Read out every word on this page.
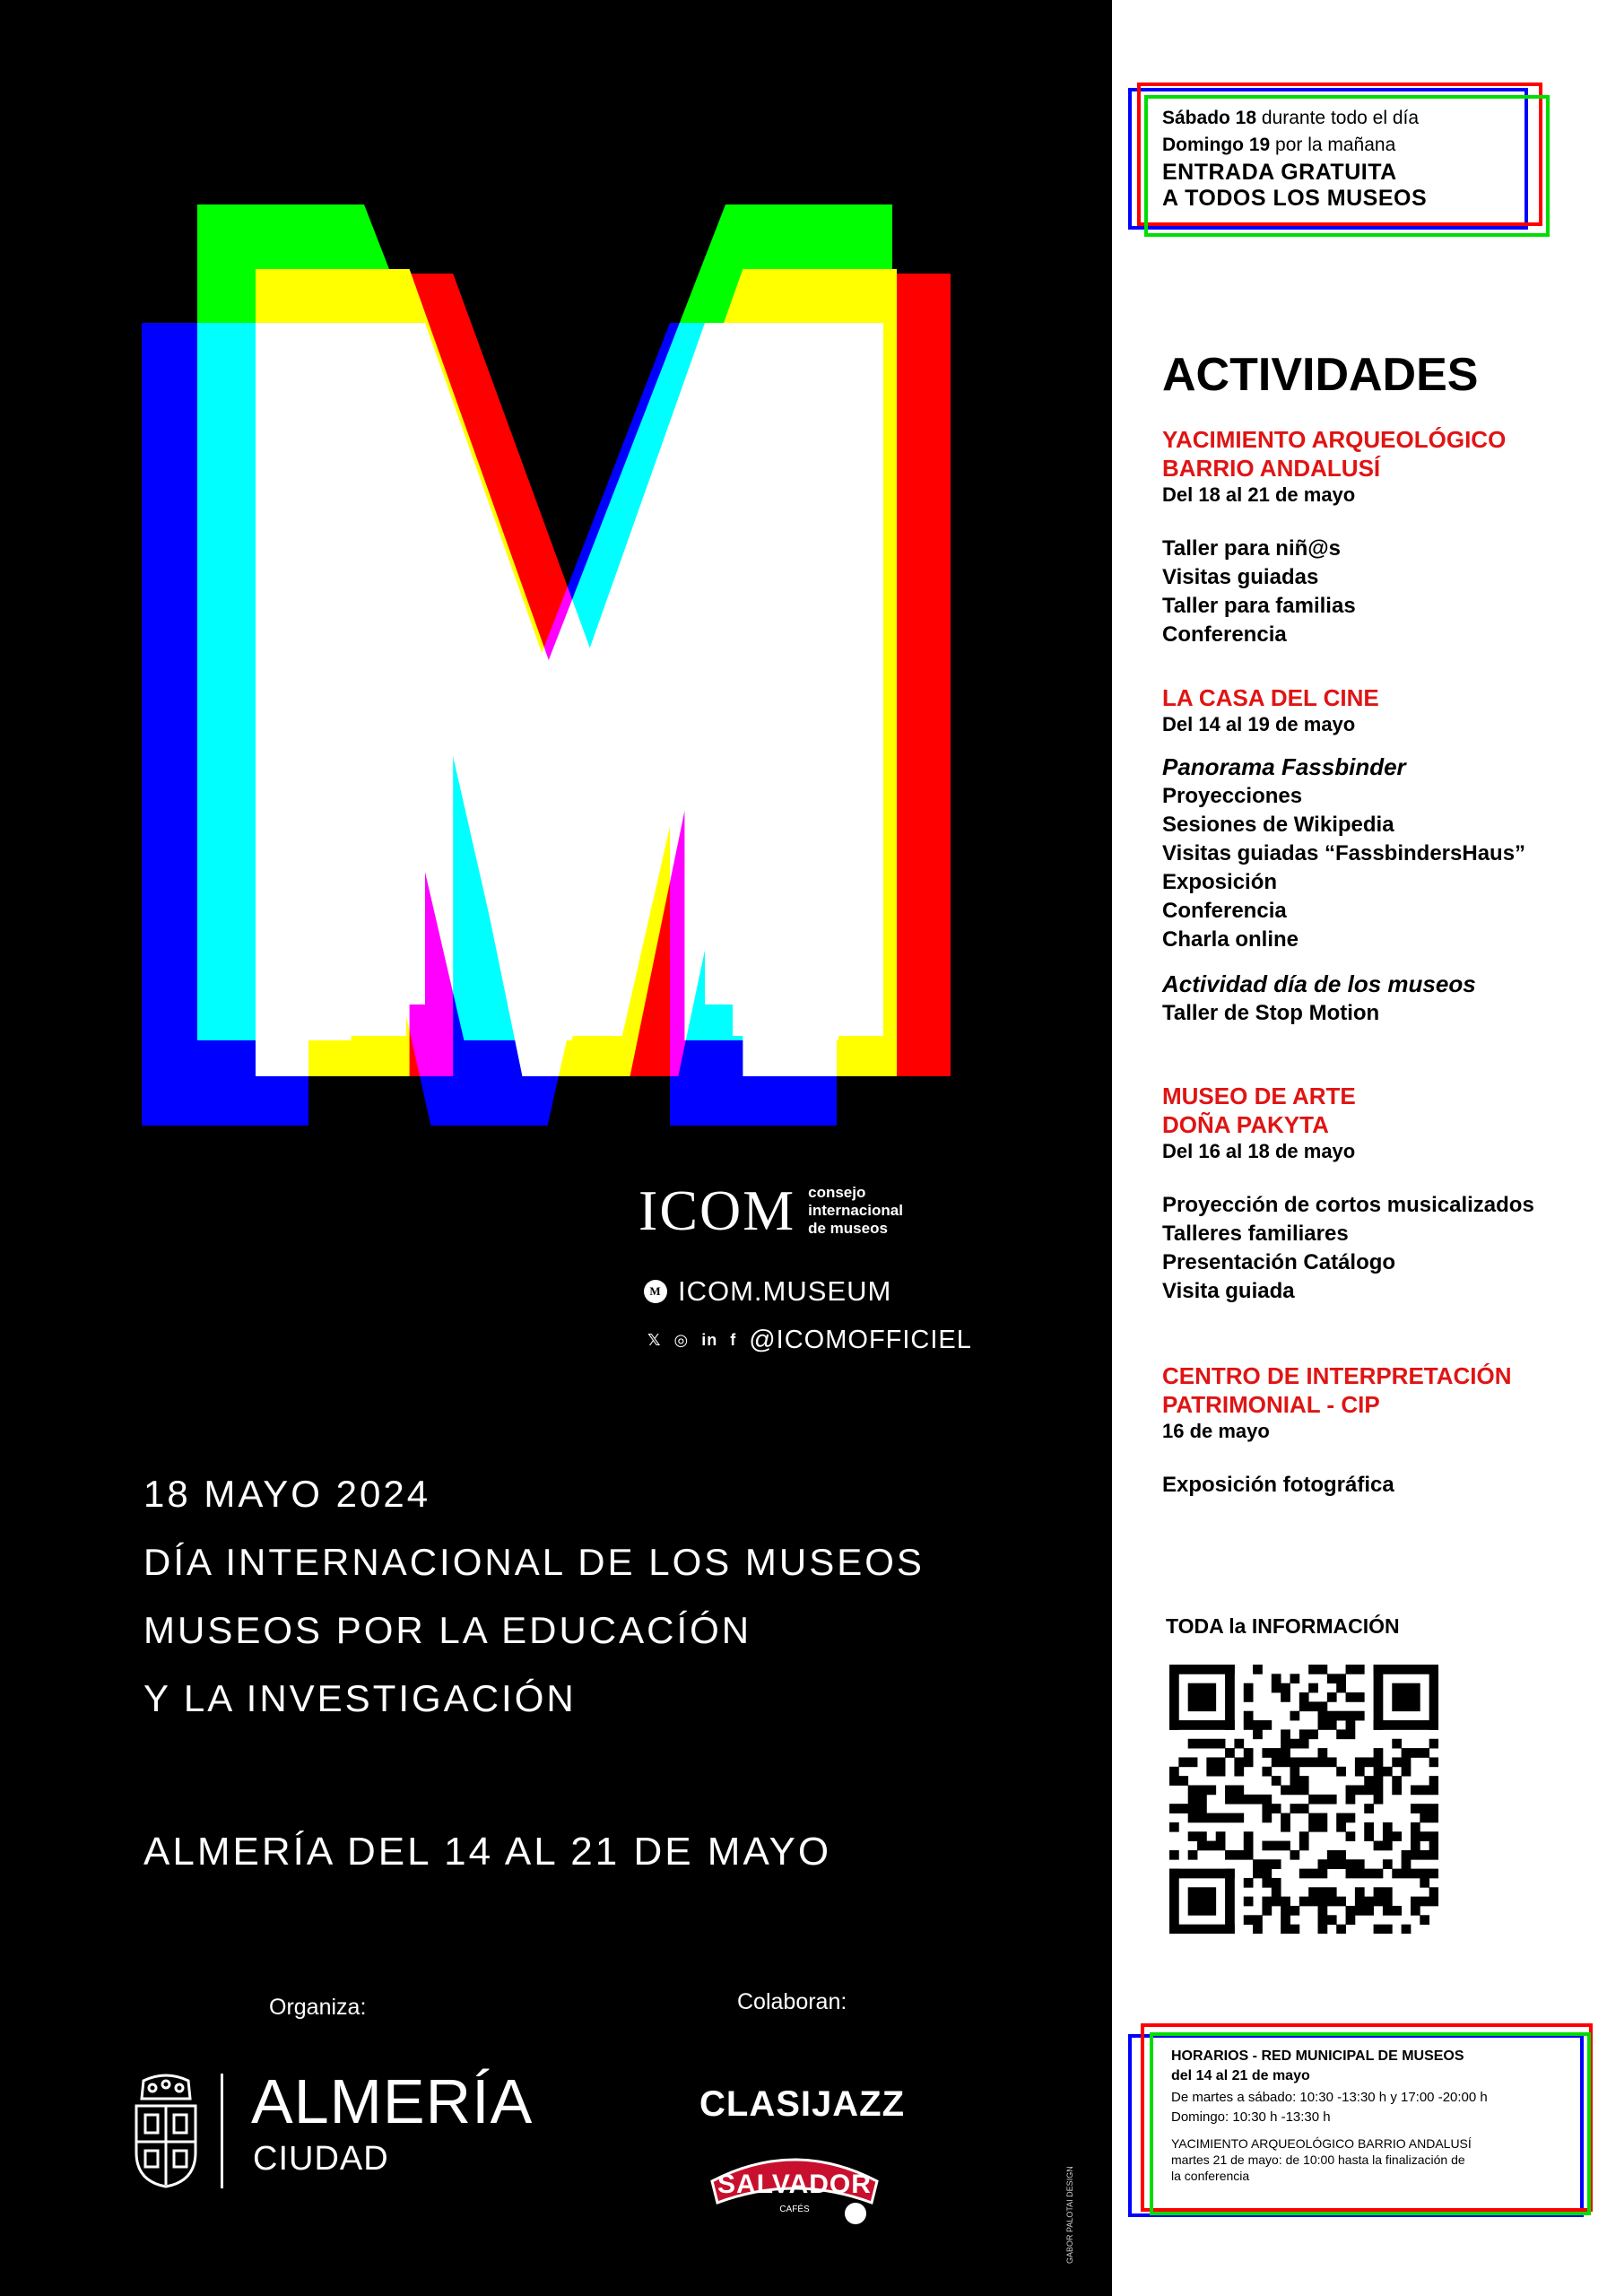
ICOM consejo
internacional
de museos
M ICOM.MUSEUM
𝕏 ◎ in f @ICOMOFFICIEL
18 MAYO 2024
DÍA INTERNACIONAL DE LOS MUSEOS
MUSEOS POR LA EDUCACÍÓN
Y LA INVESTIGACIÓN
ALMERÍA DEL 14 AL 21 DE MAYO
Organiza:	Colaboran:
ALMERÍA
CIUDAD
CLASIJAZZ
SALVADOR
CAFÉS	GABOR PALOTAI DESIGN
Sábado 18 durante todo el día
Domingo 19 por la mañana
ENTRADA GRATUITA
A TODOS LOS MUSEOS
ACTIVIDADES
YACIMIENTO ARQUEOLÓGICO
BARRIO ANDALUSÍ
Del 18 al 21 de mayo
Taller para niñ@s
Visitas guiadas
Taller para familias
Conferencia
LA CASA DEL CINE
Del 14 al 19 de mayo
Panorama Fassbinder
Proyecciones
Sesiones de Wikipedia
Visitas guiadas “FassbindersHaus”
Exposición
Conferencia
Charla online
Actividad día de los museos
Taller de Stop Motion
MUSEO DE ARTE
DOÑA PAKYTA
Del 16 al 18 de mayo
Proyección de cortos musicalizados
Talleres familiares
Presentación Catálogo
Visita guiada
CENTRO DE INTERPRETACIÓN
PATRIMONIAL - CIP
16 de mayo
Exposición fotográfica
TODA la INFORMACIÓN
HORARIOS - RED MUNICIPAL DE MUSEOS
del 14 al 21 de mayo
De martes a sábado: 10:30 -13:30 h y 17:00 -20:00 h
Domingo: 10:30 h -13:30 h
YACIMIENTO ARQUEOLÓGICO BARRIO ANDALUSÍ
martes 21 de mayo: de 10:00 hasta la finalización de
la conferencia
